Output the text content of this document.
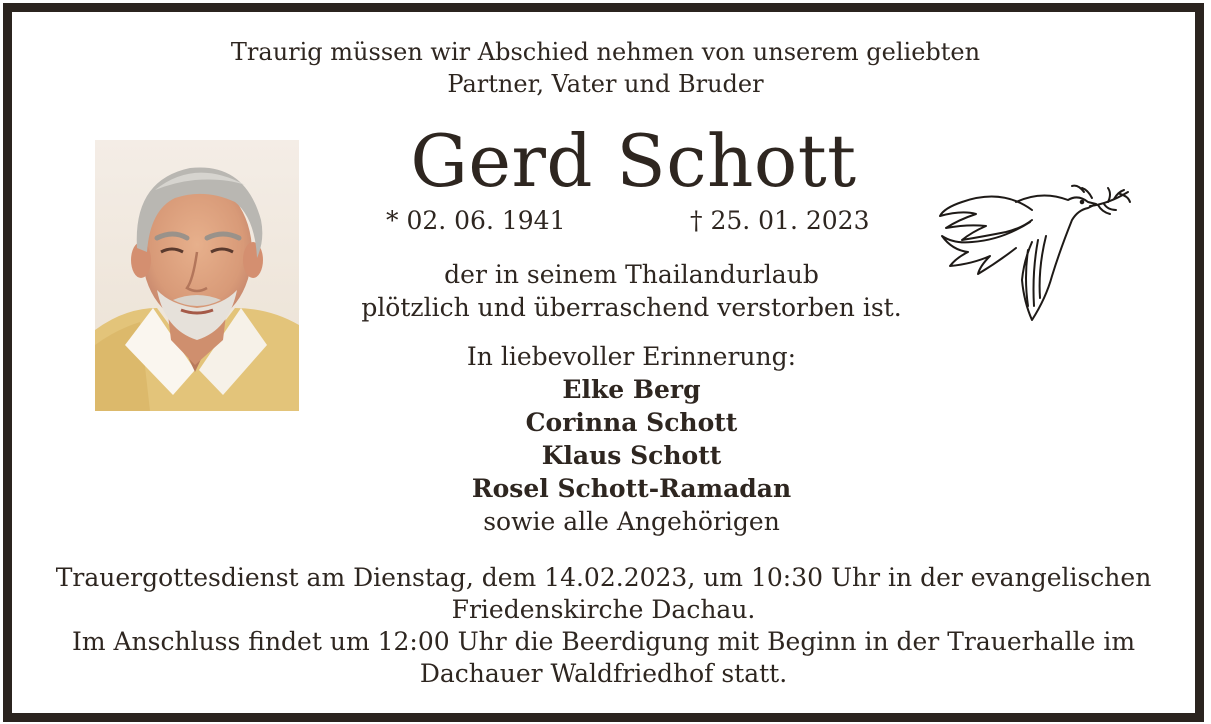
Traurig müssen wir Abschied nehmen von unserem geliebten
Partner, Vater und Bruder
Gerd Schott
* 02. 06. 1941	† 25. 01. 2023
der in seinem Thailandurlaub
plötzlich und überraschend verstorben ist.
In liebevoller Erinnerung:
Elke Berg
Corinna Schott
Klaus Schott
Rosel Schott-Ramadan
sowie alle Angehörigen
Trauergottesdienst am Dienstag, dem 14.02.2023, um 10:30 Uhr in der evangelischen
Friedenskirche Dachau.
Im Anschluss findet um 12:00 Uhr die Beerdigung mit Beginn in der Trauerhalle im
Dachauer Waldfriedhof statt.
